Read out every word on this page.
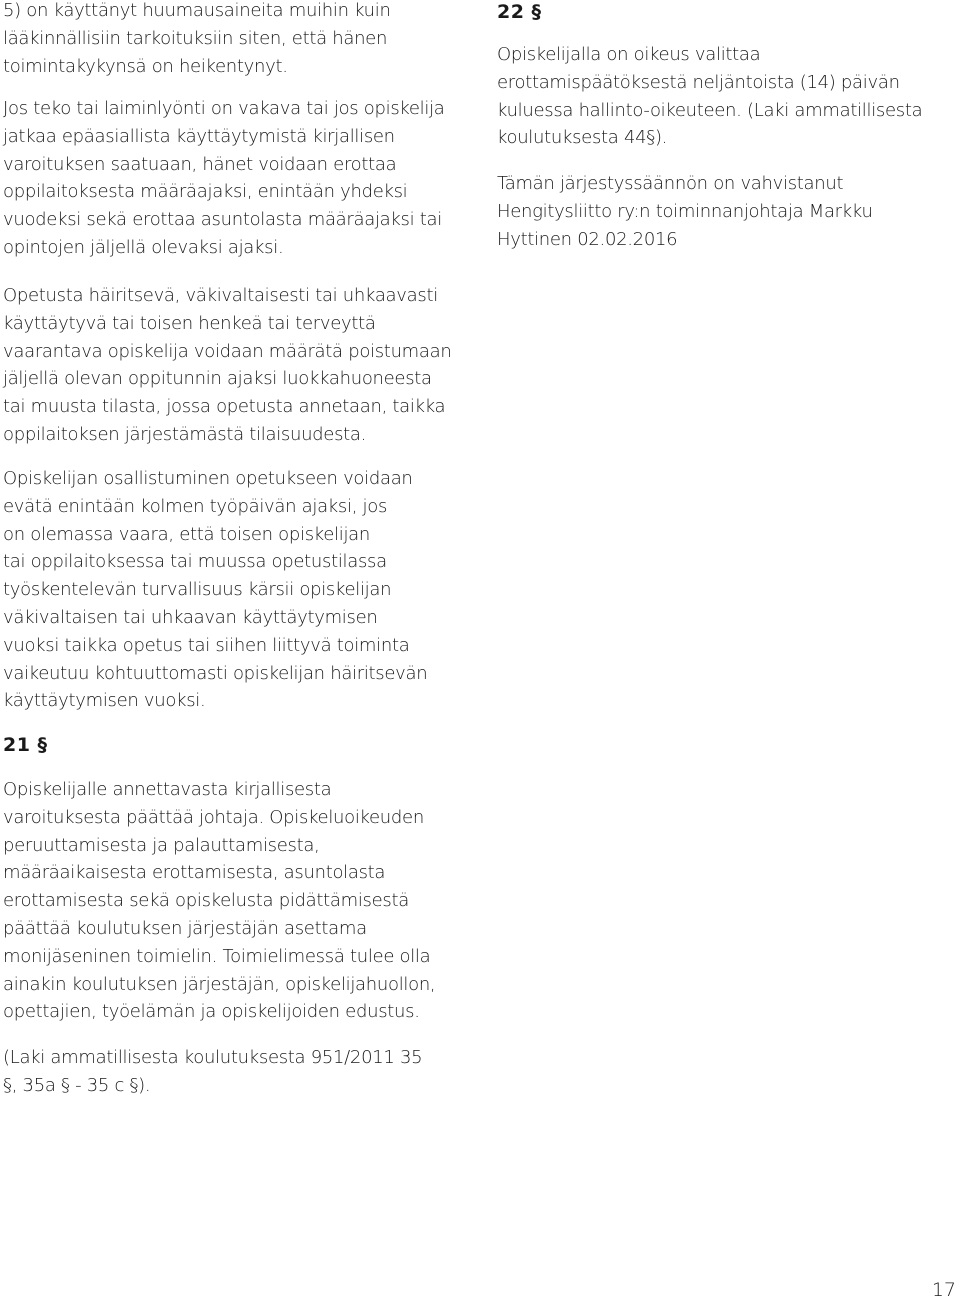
5) on käyttänyt huumausaineita muihin kuin
lääkinnällisiin tarkoituksiin siten, että hänen
toimintakykynsä on heikentynyt.

Jos teko tai laiminlyönti on vakava tai jos opiskelija
jatkaa epäasiallista käyttäytymistä kirjallisen
varoituksen saatuaan, hänet voidaan erottaa
oppilaitoksesta määräajaksi, enintään yhdeksi
vuodeksi sekä erottaa asuntolasta määräajaksi tai
opintojen jäljellä olevaksi ajaksi.

Opetusta häiritsevä, väkivaltaisesti tai uhkaavasti
käyttäytyvä tai toisen henkeä tai terveyttä
vaarantava opiskelija voidaan määrätä poistumaan
jäljellä olevan oppitunnin ajaksi luokkahuoneesta
tai muusta tilasta, jossa opetusta annetaan, taikka
oppilaitoksen järjestämästä tilaisuudesta.

Opiskelijan osallistuminen opetukseen voidaan
evätä enintään kolmen työpäivän ajaksi, jos
on olemassa vaara, että toisen opiskelijan
tai oppilaitoksessa tai muussa opetustilassa
työskentelevän turvallisuus kärsii opiskelijan
väkivaltaisen tai uhkaavan käyttäytymisen
vuoksi taikka opetus tai siihen liittyvä toiminta
vaikeutuu kohtuuttomasti opiskelijan häiritsevän
käyttäytymisen vuoksi.

21 §

Opiskelijalle annettavasta kirjallisesta
varoituksesta päättää johtaja. Opiskeluoikeuden
peruuttamisesta ja palauttamisesta,
määräaikaisesta erottamisesta, asuntolasta
erottamisesta sekä opiskelusta pidättämisestä
päättää koulutuksen järjestäjän asettama
monijäseninen toimielin. Toimielimessä tulee olla
ainakin koulutuksen järjestäjän, opiskelijahuollon,
opettajien, työelämän ja opiskelijoiden edustus.

(Laki ammatillisesta koulutuksesta 951/2011 35
§, 35a § - 35 c §).

22 §

Opiskelijalla on oikeus valittaa
erottamispäätöksestä neljäntoista (14) päivän
kuluessa hallinto-oikeuteen. (Laki ammatillisesta
koulutuksesta 44§).

Tämän järjestyssäännön on vahvistanut
Hengitysliitto ry:n toiminnanjohtaja Markku
Hyttinen 02.02.2016

17
